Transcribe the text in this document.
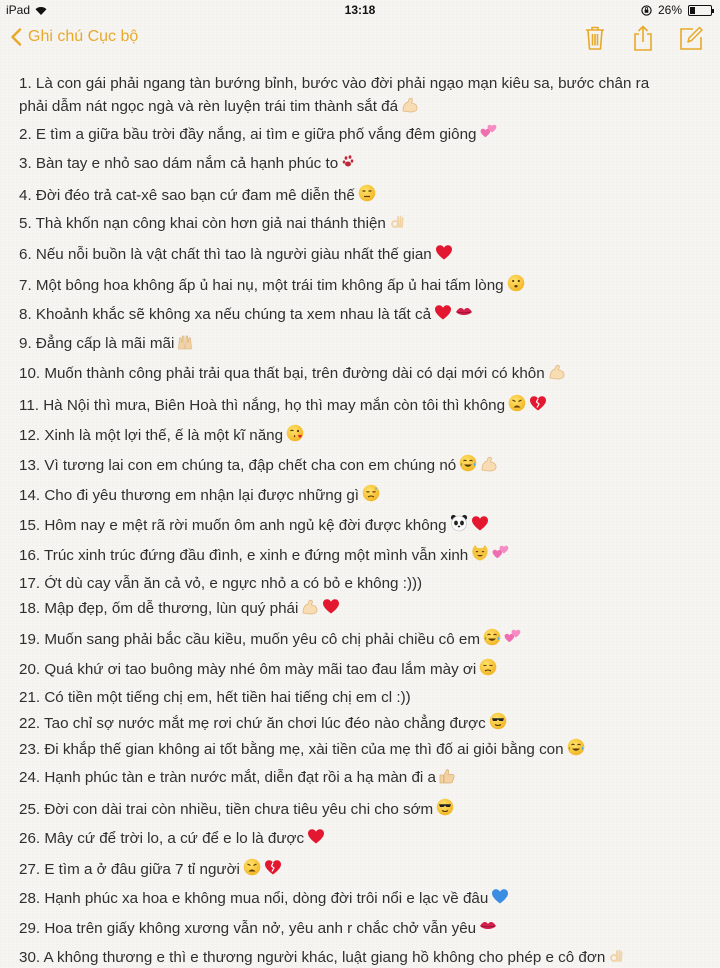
iPad	13:18	26%
Ghi chú Cục bộ
1. Là con gái phải ngang tàn bướng bỉnh, bước vào đời phải ngạo mạn kiêu sa, bước chân ra
phải dẫm nát ngọc ngà và rèn luyện trái tim thành sắt đá
2. E tìm a giữa bầu trời đầy nắng, ai tìm e giữa phố vắng đêm giông
3. Bàn tay e nhỏ sao dám nắm cả hạnh phúc to
4. Đời đéo trả cat-xê sao bạn cứ đam mê diễn thế
5. Thà khốn nạn công khai còn hơn giả nai thánh thiện
6. Nếu nỗi buồn là vật chất thì tao là người giàu nhất thế gian
7. Một bông hoa không ấp ủ hai nụ, một trái tim không ấp ủ hai tấm lòng
8. Khoảnh khắc sẽ không xa nếu chúng ta xem nhau là tất cả
9. Đẳng cấp là mãi mãi
10. Muốn thành công phải trải qua thất bại, trên đường dài có dại mới có khôn
11. Hà Nội thì mưa, Biên Hoà thì nắng, họ thì may mắn còn tôi thì không
12. Xinh là một lợi thế, ế là một kĩ năng
13. Vì tương lai con em chúng ta, đập chết cha con em chúng nó
14. Cho đi yêu thương em nhận lại được những gì
15. Hôm nay e mệt rã rời muốn ôm anh ngủ kệ đời được không
16. Trúc xinh trúc đứng đầu đình, e xinh e đứng một mình vẫn xinh
17. Ớt dù cay vẫn ăn cả vỏ, e ngực nhỏ a có bỏ e không :)))
18. Mập đẹp, ốm dễ thương, lùn quý phái
19. Muốn sang phải bắc cầu kiều, muốn yêu cô chị phải chiều cô em
20. Quá khứ ơi tao buông mày nhé ôm mày mãi tao đau lắm mày ơi
21. Có tiền một tiếng chị em, hết tiền hai tiếng chị em cl :))
22. Tao chỉ sợ nước mắt mẹ rơi chứ ăn chơi lúc đéo nào chẳng được
23. Đi khắp thế gian không ai tốt bằng mẹ, xài tiền của mẹ thì đố ai giỏi bằng con
24. Hạnh phúc tàn e tràn nước mắt, diễn đạt rồi a hạ màn đi a
25. Đời con dài trai còn nhiều, tiền chưa tiêu yêu chi cho sớm
26. Mây cứ để trời lo, a cứ để e lo là được
27. E tìm a ở đâu giữa 7 tỉ người
28. Hạnh phúc xa hoa e không mua nổi, dòng đời trôi nổi e lạc về đâu
29. Hoa trên giấy không xương vẫn nở, yêu anh r chắc chở vẫn yêu
30. A không thương e thì e thương người khác, luật giang hồ không cho phép e cô đơn
